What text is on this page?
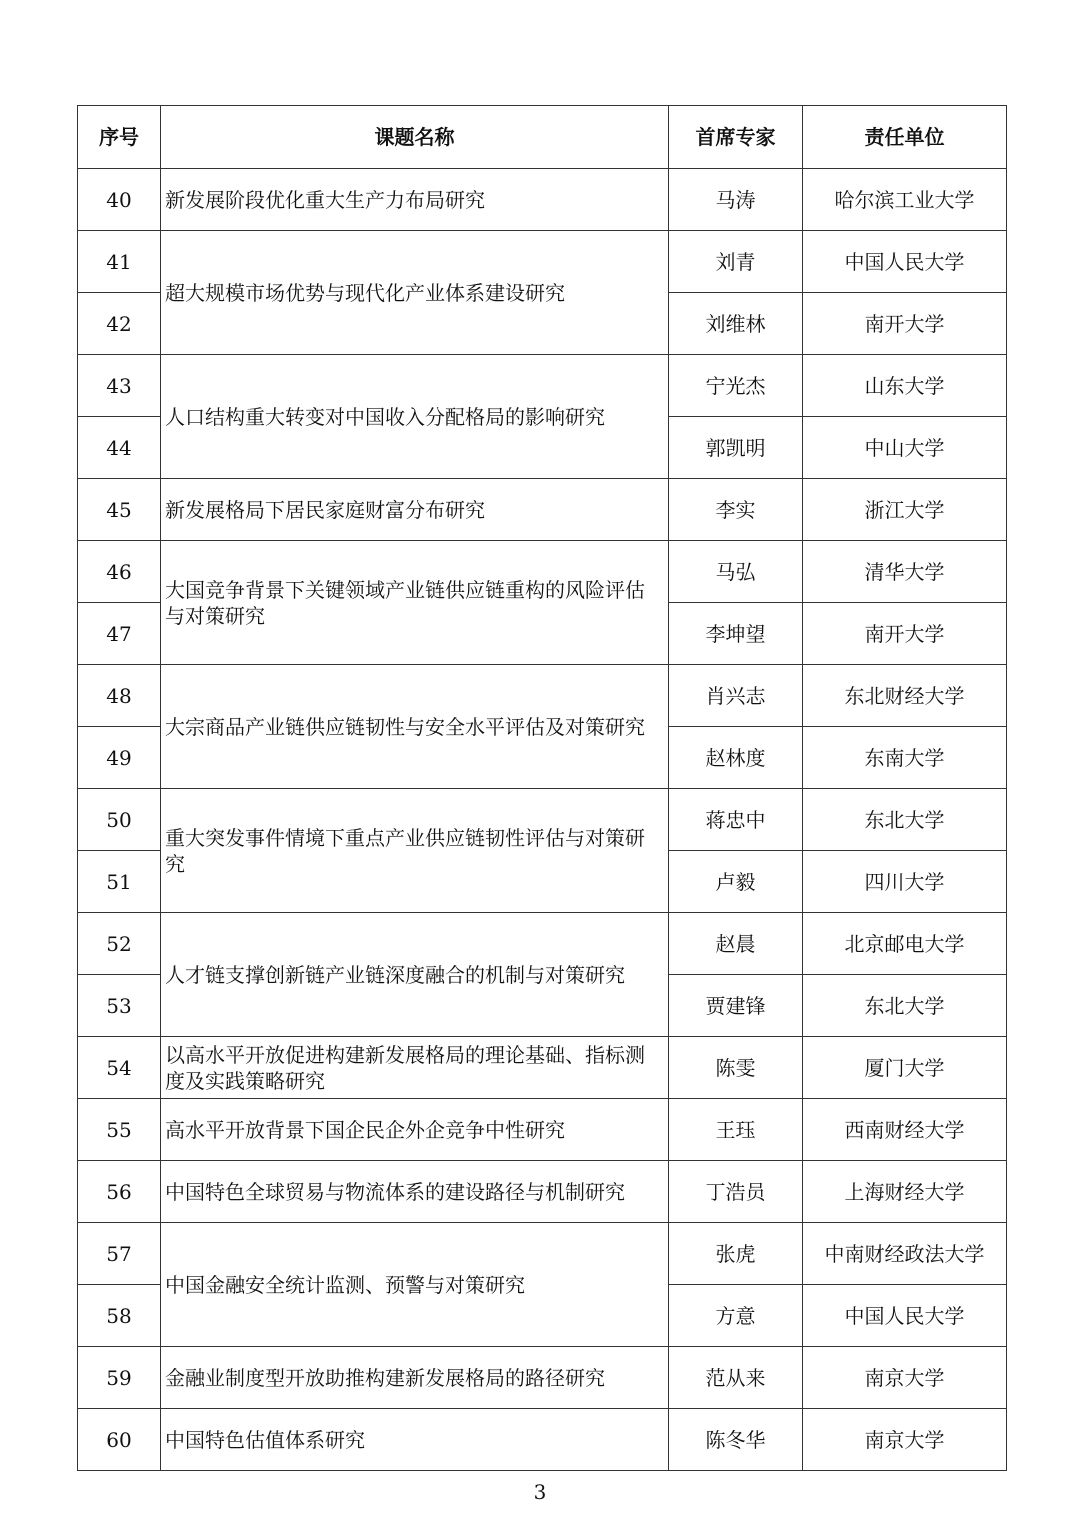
序号	课题名称	首席专家	责任单位
40	新发展阶段优化重大生产力布局研究	马涛	哈尔滨工业大学
41	超大规模市场优势与现代化产业体系建设研究	刘青	中国人民大学
42		刘维林	南开大学
43	人口结构重大转变对中国收入分配格局的影响研究	宁光杰	山东大学
44		郭凯明	中山大学
45	新发展格局下居民家庭财富分布研究	李实	浙江大学
46	大国竞争背景下关键领域产业链供应链重构的风险评估与对策研究	马弘	清华大学
47		李坤望	南开大学
48	大宗商品产业链供应链韧性与安全水平评估及对策研究	肖兴志	东北财经大学
49		赵林度	东南大学
50	重大突发事件情境下重点产业供应链韧性评估与对策研究	蒋忠中	东北大学
51		卢毅	四川大学
52	人才链支撑创新链产业链深度融合的机制与对策研究	赵晨	北京邮电大学
53		贾建锋	东北大学
54	以高水平开放促进构建新发展格局的理论基础、指标测度及实践策略研究	陈雯	厦门大学
55	高水平开放背景下国企民企外企竞争中性研究	王珏	西南财经大学
56	中国特色全球贸易与物流体系的建设路径与机制研究	丁浩员	上海财经大学
57	中国金融安全统计监测、预警与对策研究	张虎	中南财经政法大学
58		方意	中国人民大学
59	金融业制度型开放助推构建新发展格局的路径研究	范从来	南京大学
60	中国特色估值体系研究	陈冬华	南京大学
3
